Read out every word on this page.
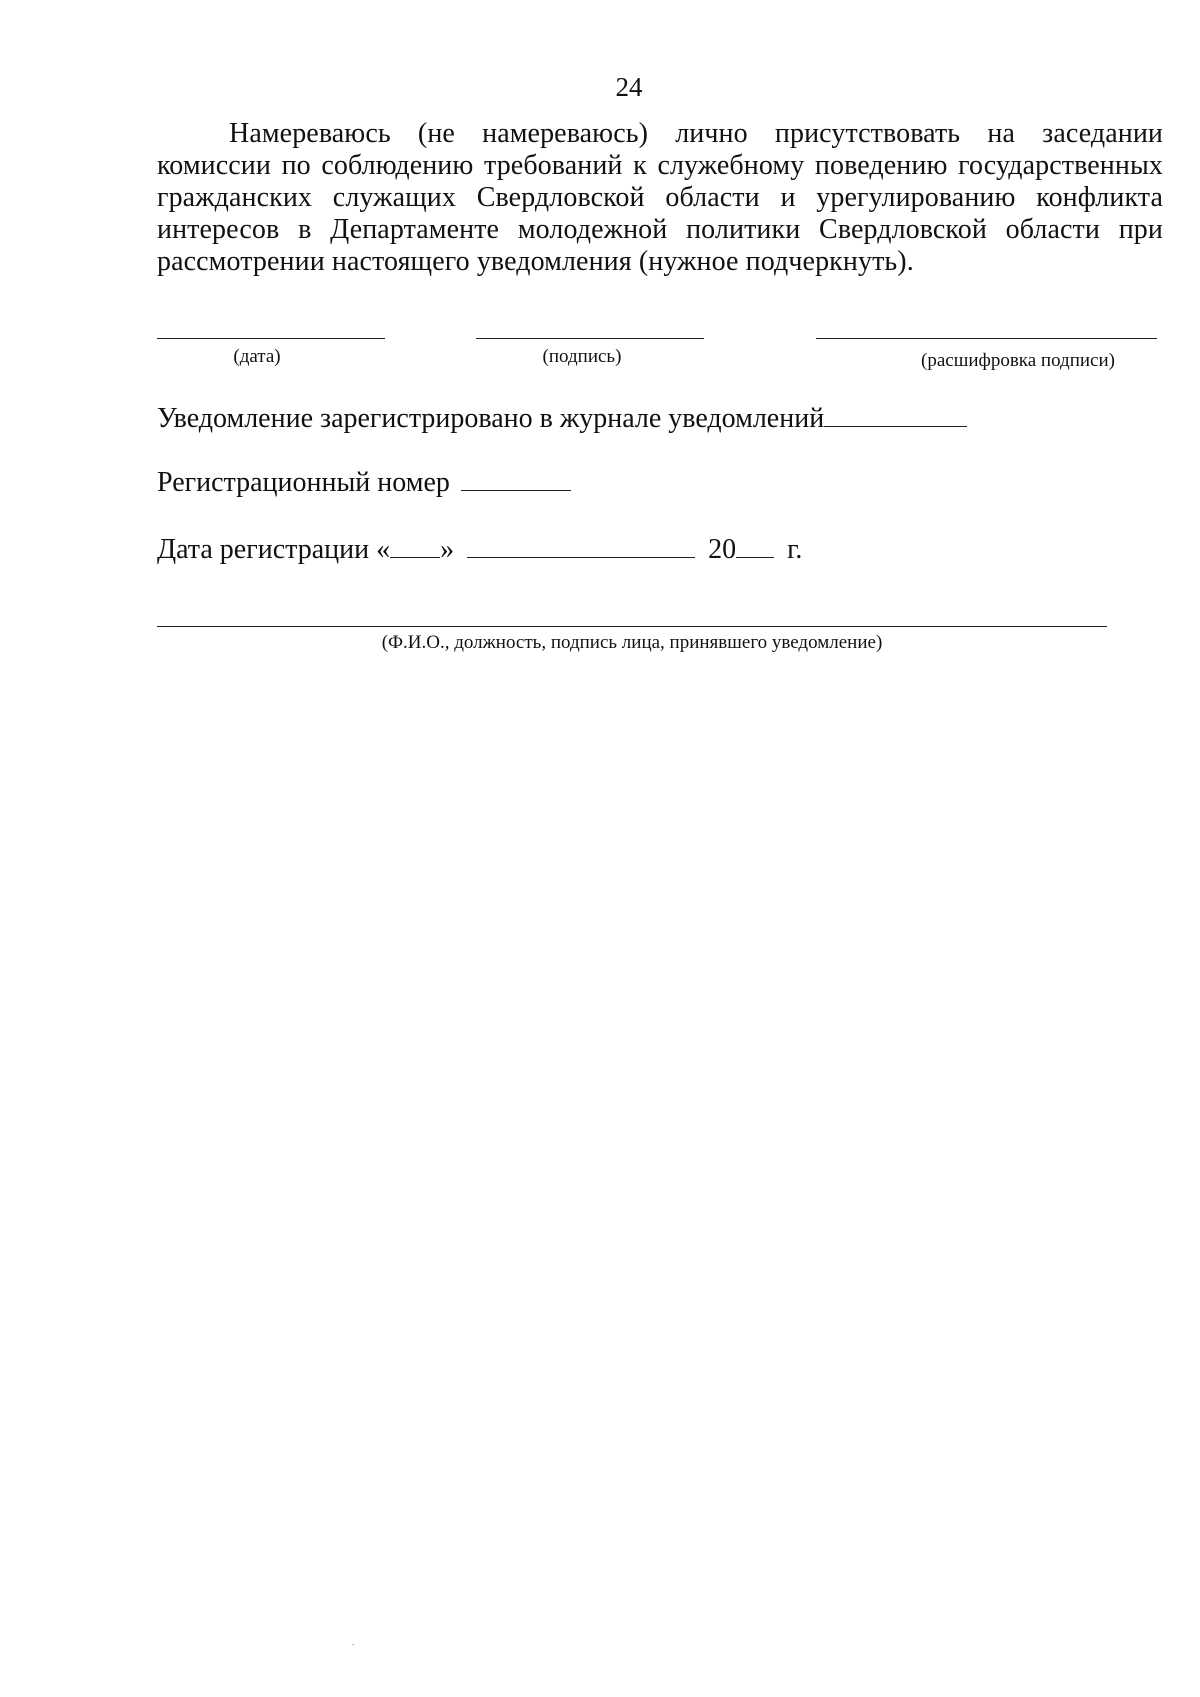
24
Намереваюсь (не намереваюсь) лично присутствовать на заседании комиссии по соблюдению требований к служебному поведению государственных гражданских служащих Свердловской области и урегулированию конфликта интересов в Департаменте молодежной политики Свердловской области при рассмотрении настоящего уведомления (нужное подчеркнуть).
(дата)	(подпись)	(расшифровка подписи)
Уведомление зарегистрировано в журнале уведомлений
Регистрационный номер
Дата регистрации « »	20 г.
(Ф.И.О., должность, подпись лица, принявшего уведомление)
